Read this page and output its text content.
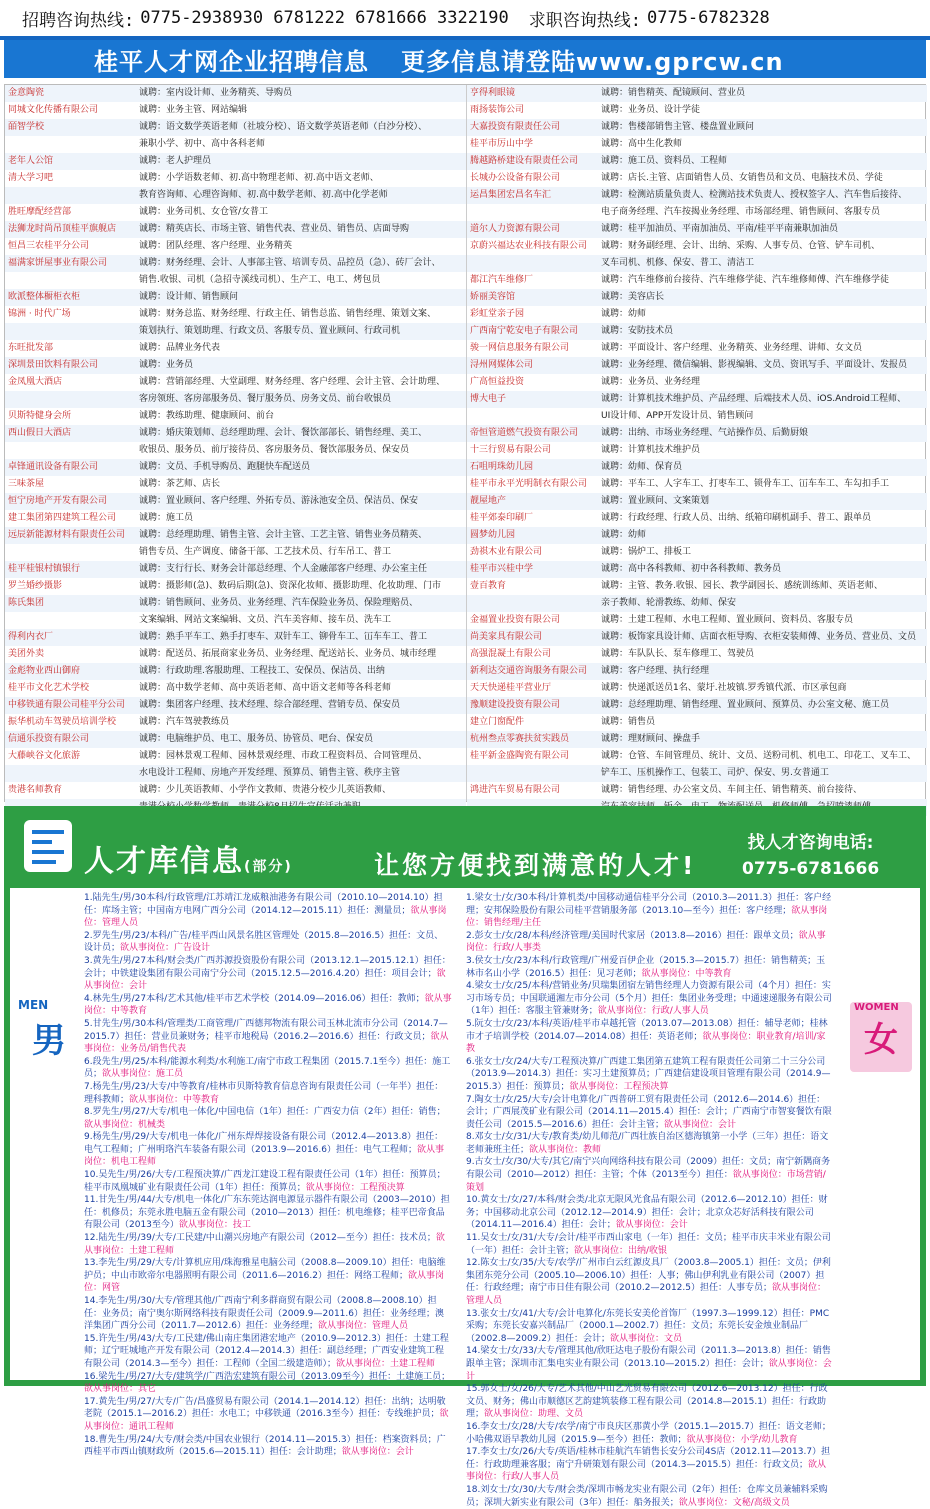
招聘咨询热线: 0775-2938930 6781222 6781666 3322190 求职咨询热线: 0775-6782328
桂平人才网企业招聘信息 更多信息请登陆www.gprcw.cn
金意陶瓷	诚聘：室内设计师、业务精英、导购员
同城文化传播有限公司	诚聘：业务主管、网站编辑
皕智学校	诚聘：语文数学英语老师（社坡分校）、语文数学英语老师（白沙分校）、
兼职小学、初中、高中各科老师
老年人公馆	诚聘：老人护理员
清大学习吧	诚聘：小学语数老师、初.高中物理老师、初.高中语文老师、
教育咨询师、心理咨询师、初.高中数学老师、初.高中化学老师
胜旺摩配经营部	诚聘：业务司机、女仓管/女普工
法狮龙时尚吊顶桂平旗舰店	诚聘：精英店长、市场主管、销售代表、营业员、销售员、店面导购
恒昌三农桂平分公司	诚聘：团队经理、客户经理、业务精英
福满家饼屋事业有限公司	诚聘：财务经理、会计、人事部主管、培训专员、品控员（急）、砖厂会计、
销售.收银、司机（急招寺溪线司机）、生产工、电工、烤包员
欧派整体橱柜衣柜	诚聘：设计师、销售顾问
锦洲 · 时代广场	诚聘：财务总监、财务经理、行政主任、销售总监、销售经理、策划文案、
策划执行、策划助理、行政文员、客服专员、置业顾问、行政司机
东旺批发部	诚聘：品牌业务代表
深圳景田饮料有限公司	诚聘：业务员
金凤凰大酒店	诚聘：营销部经理、大堂副理、财务经理、客户经理、会计主管、会计助理、
客房领班、客房部服务员、餐厅服务员、房务文员、前台收银员
贝斯特健身会所	诚聘：教练助理、健康顾问、前台
西山假日大酒店	诚聘：婚庆策划师、总经理助理、会计、餐饮部部长、销售经理、美工、
收银员、服务员、前厅接待员、客房服务员、餐饮部服务员、保安员
卓锋通讯设备有限公司	诚聘：文员、手机导购员、跑腿快车配送员
三味茶屋	诚聘：茶艺师、店长
恒宁房地产开发有限公司	诚聘：置业顾问、客户经理、外拓专员、游泳池安全员、保洁员、保安
建工集团第四建筑工程公司	诚聘：施工员
远辰新能源材料有限责任公司	诚聘：总经理助理、销售主管、会计主管、工艺主管、销售业务员精英、
销售专员、生产调度、储备干部、工艺技术员、行车吊工、普工
桂平桂银村镇银行	诚聘：支行行长、财务会计部总经理、个人金融部客户经理、办公室主任
罗兰婚纱摄影	诚聘：摄影师(急)、数码后期(急)、资深化妆师、摄影助理、化妆助理、门市
陈氏集团	诚聘：销售顾问、业务员、业务经理、汽车保险业务员、保险理赔员、
文案编辑、网站文案编辑、文员、汽车美容师、接车员、洗车工
得利内衣厂	诚聘：熟手平车工、熟手打枣车、双针车工、铆骨车工、冚车车工、普工
美团外卖	诚聘：配送员、拓展商家业务员、业务经理、配送站长、业务员、城市经理
金彪物业西山御府	诚聘：行政助理.客服助理、工程技工、安保员、保洁员、出纳
桂平市文化艺术学校	诚聘：高中数学老师、高中英语老师、高中语文老师等各科老师
中移铁通有限公司桂平分公司	诚聘：集团客户经理、技术经理、综合部经理、营销专员、保安员
振华机动车驾驶员培训学校	诚聘：汽车驾驶教练员
信通乐投资有限公司	诚聘：电脑维护员、电工、服务员、协管员、吧台、保安员
大藤峡谷文化旅游	诚聘：园林景观工程师、园林景观经理、市政工程资料员、合同管理员、
水电设计工程师、房地产开发经理、预算员、销售主管、秩序主管
贵港名师教育	诚聘：少儿英语教师、小学作文教师、贵港分校少儿英语教师、
亨得利眼镜	诚聘：销售精英、配镜顾问、营业员
雨扬装饰公司	诚聘：业务员、设计学徒
大嘉投资有限责任公司	诚聘：售楼部销售主管、楼盘置业顾问
桂平市厉山中学	诚聘：高中生化教师
腾越路桥建设有限责任公司	诚聘：施工员、资料员、工程师
长城办公设备有限公司	诚聘：店长.主管、店面销售人员、女销售员和文员、电脑技术员、学徒
运昌集团宏昌名车汇	诚聘：检测站质量负责人、检测站技术负责人、授权签字人、汽车售后接待、
电子商务经理、汽车按揭业务经理、市场部经理、销售顾问、客服专员
道尔人力资源有限公司	诚聘：桂平加油员、平南加油员、平南/桂平平南兼职加油员
京蔚兴福达农业科技有限公司	诚聘：财务副经理、会计、出纳、采购、人事专员、仓管、铲车司机、
叉车司机、机修、保安、普工、清洁工
都江汽车维修厂	诚聘：汽车维修前台接待、汽车维修学徒、汽车维修师傅、汽车维修学徒
娇丽美容馆	诚聘：美容店长
彩虹堂亲子园	诚聘：幼师
广西南宁乾安电子有限公司	诚聘：安防技术员
骏一网信息服务有限公司	诚聘：平面设计、客户经理、业务精英、业务经理、讲师、女文员
浔州网媒体公司	诚聘：业务经理、微信编辑、影视编辑、文员、资讯写手、平面设计、发报员
广高恒益投资	诚聘：业务员、业务经理
博大电子	诚聘：计算机技术维护员、产品经理、后端技术人员、iOS.Android工程师、
UI设计师、APP开发设计员、销售顾问
帝恒管道燃气投资有限公司	诚聘：出纳、市场业务经理、气站操作员、后勤厨娘
十三行贸易有限公司	诚聘：计算机技术维护员
石咀明珠幼儿园	诚聘：幼师、保育员
桂平市永平光明制衣有限公司	诚聘：平车工、人字车工、打枣车工、锁骨车工、冚车车工、车勾扣手工
靓屋地产	诚聘：置业顾问、文案策划
桂平郊泰印刷厂	诚聘：行政经理、行政人员、出纳、纸箱印刷机副手、普工、跟单员
圆梦幼儿园	诚聘：幼师
劲祺木业有限公司	诚聘：锅炉工、排板工
桂平市兴桂中学	诚聘：高中各科教师、初中各科教师、教务员
壹百教育	诚聘：主管、教务.收银、园长、教学副园长、感统训练师、英语老师、
亲子教师、轮滑教练、幼师、保安
金福置业投资有限公司	诚聘：土建工程师、水电工程师、置业顾问、资料员、客服专员
尚美家具有限公司	诚聘：板饰家具设计师、店面衣柜导购、衣柜安装师傅、业务员、营业员、文员
高强混凝土有限公司	诚聘：车队队长、泵车修理工、驾驶员
新利达交通咨询服务有限公司	诚聘：客户经理、执行经理
天天快递桂平营业厅	诚聘：快递派送员1名、蒙圩.社坡镇.罗秀镇代派、市区承包商
豫顺建设投资有限公司	诚聘：总经理助理、销售经理、置业顾问、预算员、办公室文秘、施工员
建立门窗配件	诚聘：销售员
杭州叁点零赛扶贫实践员	诚聘：理财顾问、操盘手
桂平新金盛陶瓷有限公司	诚聘：仓管、车间管理员、统计、文员、送粉司机、机电工、印花工、叉车工、
铲车工、压机操作工、包装工、司炉、保安、男.女普通工
鸿进汽车贸易有限公司	诚聘：销售经理、办公室文员、车间主任、销售精英、前台接待、
人才库信息(部分)	让您方便找到满意的人才!
找人才咨询电话:
0775-6781666
MEN
男

1.陆先生/男/30本科/行政管理/江苏靖江龙威粮油港务有限公司（2010.10—2014.10）担任：库场主管；中国南方电网广西分公司（2014.12—2015.11）担任：测量员；欲从事岗位：管理人员

2.罗先生/男/23/本科/广告/桂平西山风景名胜区管理处（2015.8—2016.5）担任：文员、设计员；欲从事岗位：广告设计

3.黄先生/男/27本科/财会类/广西苏源投资股份有限公司（2013.12.1—2015.12.1）担任：会计；中铁建设集团有限公司南宁分公司（2015.12.5—2016.4.20）担任：项目会计；欲从事岗位：会计

4.林先生/男/27本科/艺术其他/桂平市艺术学校（2014.09—2016.06）担任：教师；欲从事岗位：中等教育

5.甘先生/男/30本科/管理类/工商管理/广西德邦物流有限公司玉林北流市分公司（2014.7—2015.7）担任：营业员兼财务；桂平市地税局（2016.2—2016.6）担任：行政文员；欲从事岗位：业务员/销售代表

6.段先生/男/25/本科/能源水利类/水利施工/南宁市政工程集团（2015.7.1至今）担任：施工员；欲从事岗位：施工员

7.杨先生/男/23/大专/中等教育/桂林市贝斯特教育信息咨询有限责任公司（一年半）担任：理科教师；欲从事岗位：中等教育

8.罗先生/男/27/大专/机电一体化/中国电信（1年）担任：广西安力信（2年）担任：销售；欲从事岗位：机械类

9.杨先生/男/29/大专/机电一体化/广州东焊焊接设备有限公司（2012.4—2013.8）担任：电气工程师；广州明珞汽车装备有限公司（2013.9—2016.6）担任：电气工程师；欲从事岗位：机电工程师

10.吴先生/男/26/大专/工程预决算/广西龙江建设工程有限责任公司（1年）担任：预算员；桂平市凤凰城矿业有限责任公司（1年）担任：预算员；欲从事岗位：工程预决算

11.甘先生/男/44/大专/机电一体化/广东东莞达润电源显示器件有限公司（2003—2010）担任：机修员；东莞永胜电脑五金有限公司（2010—2013）担任：机电维修；桂平巴帝食品有限公司（2013至今）欲从事岗位：技工

12.陆先生/男/39/大专/工民建/中山潮兴房地产有限公司（2012—至今）担任：技术员；欲从事岗位：土建工程师

13.李先生/男/29/大专/计算机应用/珠海雅星电脑公司（2008.8—2009.10）担任：电脑维护员；中山市欧帝尔电器照明有限公司（2011.6—2016.2）担任：网络工程师；欲从事岗位：网管

14.李先生/男/30/大专/管理其他/广西南宁利多群商贸有限公司（2008.8—2008.10）担任：业务员；南宁奥尔斯网络科技有限责任公司（2009.9—2011.6）担任：业务经理；澳洋集团广西分公司（2011.7—2012.6）担任：业务经理；欲从事岗位：管理人员

15.许先生/男/43/大专/工民建/佛山南庄集团港宏地产（2010.9—2012.3）担任：土建工程师；辽宁旺城地产开发有限公司（2012.4—2014.3）担任：副总经理；广西安业建筑工程有限公司（2014.3—至今）担任：工程师（全国二级建造师）；欲从事岗位：土建工程师

16.梁先生/男/27/大专/建筑学/广西浩宏建筑有限公司（2013.09至今）担任：土建施工员；欲从事岗位：其它

17.黄先生/男/27/大专/广告/昌盛贸易有限公司（2014.1—2014.12）担任：出纳；达明敬老院（2015.1—2016.2）担任：水电工；中移铁通（2016.3至今）担任：专线维护员；欲从事岗位：通讯工程师

18.曹先生/男/24/大专/财会类/中国农业银行（2014.11—2015.3）担任：档案资料员；广西桂平市西山镇财政所（2015.6—2015.11）担任：会计助理；欲从事岗位：会计

1.梁女士/女/30本科/计算机类/中国移动通信桂平分公司（2010.3—2011.3）担任：客户经理；安邦保险股份有限公司桂平营销服务部（2013.10—至今）担任：客户经理；欲从事岗位：销售经理/主任

2.彭女士/女/28/本科/经济管理/美国时代家居（2013.8—2016）担任：跟单文员；欲从事岗位：行政/人事类

3.侯女士/女/23/本科/行政管理/广州爱百伊企业（2015.3—2015.7）担任：销售精英；玉林市名山小学（2016.5）担任：见习老师；欲从事岗位：中等教育

4.梁女士/女/25/本科/营销业务/贝瑞集团宿左销售经理人力资源有限公司（4个月）担任：实习市场专员；中国联通湘左市分公司（5个月）担任：集团业务受理；中通速递服务有限公司（1年）担任：客服主管兼财务；欲从事岗位：行政/人事人员

5.阮女士/女/23/本科/英语/桂平市卓越托管（2013.07—2013.08）担任：辅导老师；桂林市才子培训学校（2014.07—2014.08）担任：英语老师；欲从事岗位：职业教育/培训/家教

6.张女士/女/24/大专/工程预决算/广西建工集团第五建筑工程有限责任公司第二十三分公司（2013.9—2014.3）担任：实习土建预算员；广西建信建设项目管理有限公司（2014.9—2015.3）担任：预算员；欲从事岗位：工程预决算

7.陶女士/女/25/大专/会计电算化/广西普研工贸有限责任公司（2012.6—2014.6）担任：会计；广西展茂矿业有限公司（2014.11—2015.4）担任：会计；广西南宁市智宴餐饮有限责任公司（2015.5—2016.6）担任：会计主管；欲从事岗位：会计

8.邓女士/女/31/大专/教育类/幼儿师范/广西壮族自治区德海镇第一小学（三年）担任：语文老师兼班主任；欲从事岗位：教师

9.古女士/女/30/大专/其它/南宁兴向网络科技有限公司（2009）担任：文员；南宁新隅商务有限公司（2010—2012）担任：主管；个体（2013至今）担任：欲从事岗位：市场营销/策划

10.黄女士/女/27/本科/财会类/北京无限风光食品有限公司（2012.6—2012.10）担任：财务；中国移动北京公司（2012.12—2014.9）担任：会计；北京众芯好活科技有限公司（2014.11—2016.4）担任：会计；欲从事岗位：会计

11.吴女士/女/31/大专/会计/桂平市西山家电（一年）担任：文员；桂平市庆丰米业有限公司（一年）担任：会计主管；欲从事岗位：出纳/收银

12.陈女士/女/35/大专/农学/广州市白云红源皮具厂（2003.8—2005.1）担任：文员；伊利集团东莞分公司（2005.10—2006.10）担任：人事；佛山伊利乳业有限公司（2007）担任：行政经理；南宁市日佳有限公司（2010.2—2012.5）担任：人事专员；欲从事岗位：管理人员

13.张女士/女/41/大专/会计电算化/东莞长安美伦首饰厂（1997.3—1999.12）担任：PMC采购；东莞长安嘉兴制品厂（2000.1—2002.7）担任：文员；东莞长安金烛业制品厂（2002.8—2009.2）担任：会计；欲从事岗位：文员

14.梁女士/女/33/大专/管理其他/欣旺达电子股份有限公司（2011.3—2013.8）担任：销售跟单主管；深圳市汇集电实业有限公司（2013.10—2015.2）担任：会计；欲从事岗位：会计

15.郭女士/女/26/大专/艺术其他/中山艺光贸易有限公司（2012.6—2013.12）担任：行政文员、财务；佛山市顺德区艺韵建筑装修工程有限公司（2014.8—2015.1）担任：行政助理；欲从事岗位：助理、文员

16.李女士/女/28/大专/农学/南宁市良庆区那黄小学（2015.1—2015.7）担任：语文老师；小哈佛双语早教幼儿园（2015.9—至今）担任：教师；欲从事岗位：小学/幼儿教育

17.李女士/女/26/大专/英语/桂林市桂航汽车销售长安分公司4S店（2012.11—2013.7）担任：行政助理兼客服；南宁升研策划有限公司（2014.3—2015.5）担任：行政文员；欲从事岗位：行政/人事人员

18.刘女士/女/30/大专/财会类/深圳市畅龙实业有限公司（2年）担任：仓库文员兼辅料采购员；深圳大新实业有限公司（3年）担任：船务报关；欲从事岗位：文秘/高级文员

WOMEN
女
